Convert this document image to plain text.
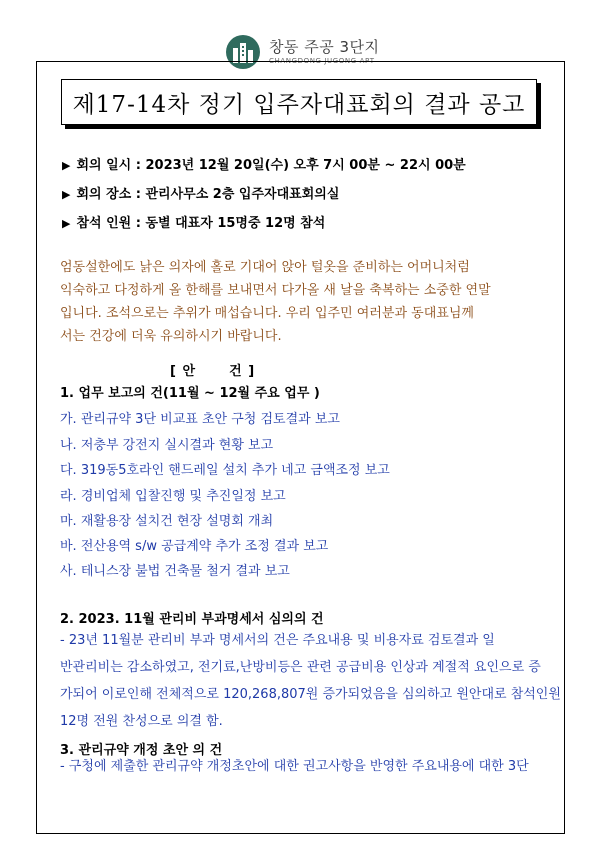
창동 주공 3단지
CHANGDONG JUGONG APT
제17-14차 정기 입주자대표회의 결과 공고
▶ 회의 일시 : 2023년 12월 20일(수) 오후 7시 00분 ~ 22시 00분
▶ 회의 장소 : 관리사무소 2층 입주자대표회의실
▶ 참석 인원 : 동별 대표자 15명중 12명 참석
엄동설한에도 낡은 의자에 홀로 기대어 앉아 털옷을 준비하는 어머니처럼
익숙하고 다정하게 올 한해를 보내면서 다가올 새 날을 축복하는 소중한 연말
입니다. 조석으로는 추위가 매섭습니다. 우리 입주민 여러분과 동대표님께
서는 건강에 더욱 유의하시기 바랍니다.
[ 안      건 ]
1. 업무 보고의 건(11월 ~ 12월 주요 업무 )
가. 관리규약 3단 비교표 초안 구청 검토결과 보고
나. 저충부 강전지 실시결과 현황 보고
다. 319동5호라인 핸드레일 설치 추가 네고 금액조정 보고
라. 경비업체 입찰진행 및 추진일정 보고
마. 재활용장 설치건 현장 설명회 개최
바. 전산용역 s/w 공급계약 추가 조정 결과 보고
사. 테니스장 불법 건축물 철거 결과 보고
2. 2023. 11월 관리비 부과명세서 심의의 건
- 23년 11월분 관리비 부과 명세서의 건은 주요내용 및 비용자료 검토결과 일
반관리비는 감소하였고, 전기료,난방비등은 관련 공급비용 인상과 계절적 요인으로 증
가되어 이로인해 전체적으로 120,268,807원 증가되었음을 심의하고 원안대로 참석인원
12명 전원 찬성으로 의결 함.
3. 관리규약 개정 초안 의 건
- 구청에 제출한 관리규약 개정초안에 대한 권고사항을 반영한 주요내용에 대한 3단
